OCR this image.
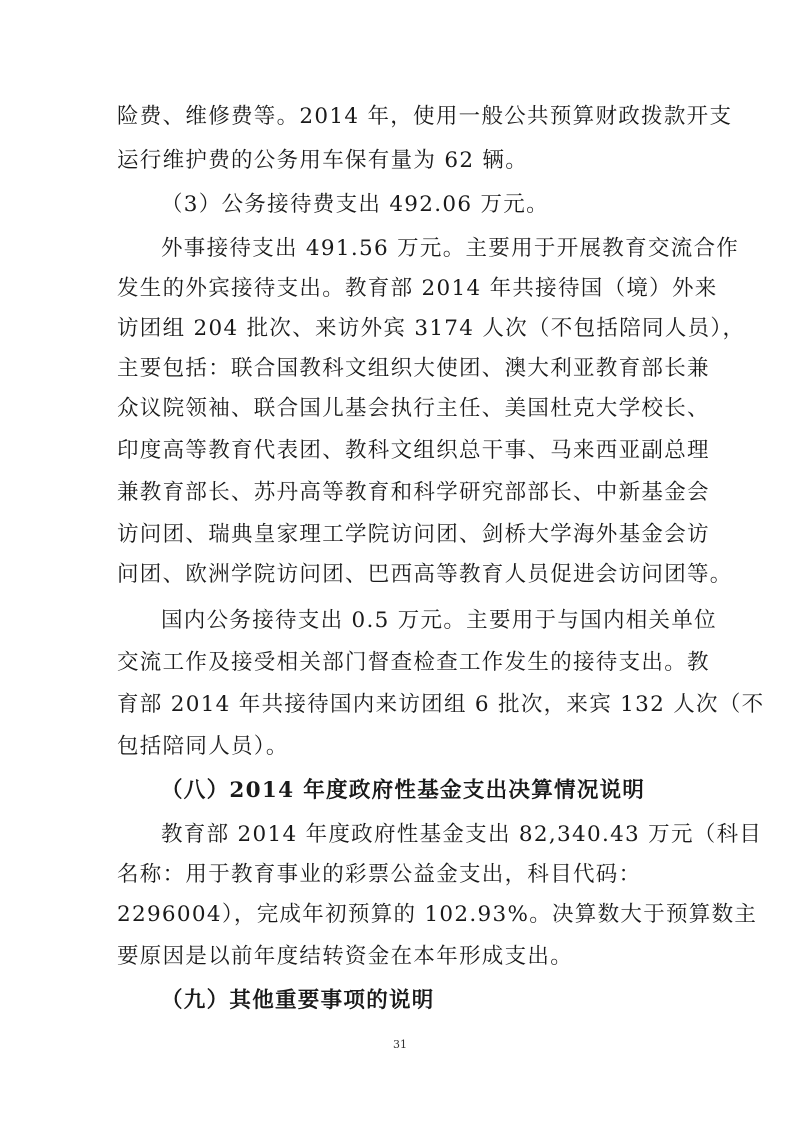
险费、维修费等。2014 年，使用一般公共预算财政拨款开支
运行维护费的公务用车保有量为 62 辆。
（3）公务接待费支出 492.06 万元。
外事接待支出 491.56 万元。主要用于开展教育交流合作
发生的外宾接待支出。教育部 2014 年共接待国（境）外来
访团组 204 批次、来访外宾 3174 人次（不包括陪同人员），
主要包括：联合国教科文组织大使团、澳大利亚教育部长兼
众议院领袖、联合国儿基会执行主任、美国杜克大学校长、
印度高等教育代表团、教科文组织总干事、马来西亚副总理
兼教育部长、苏丹高等教育和科学研究部部长、中新基金会
访问团、瑞典皇家理工学院访问团、剑桥大学海外基金会访
问团、欧洲学院访问团、巴西高等教育人员促进会访问团等。
国内公务接待支出 0.5 万元。主要用于与国内相关单位
交流工作及接受相关部门督查检查工作发生的接待支出。教
育部 2014 年共接待国内来访团组 6 批次，来宾 132 人次（不
包括陪同人员）。
（八）2014 年度政府性基金支出决算情况说明
教育部 2014 年度政府性基金支出 82,340.43 万元（科目
名称：用于教育事业的彩票公益金支出，科目代码：
2296004），完成年初预算的 102.93%。决算数大于预算数主
要原因是以前年度结转资金在本年形成支出。
（九）其他重要事项的说明
31
